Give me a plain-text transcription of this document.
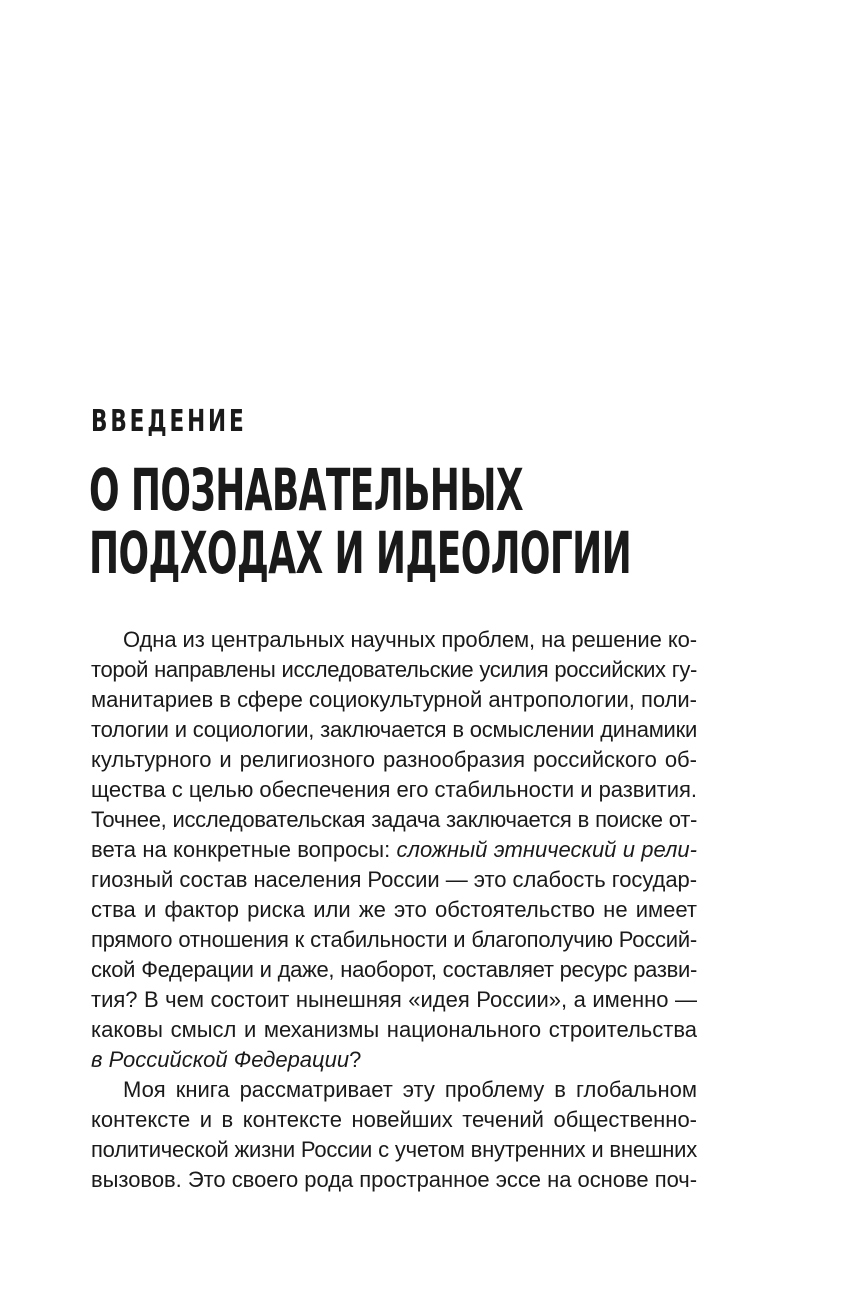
ВВЕДЕНИЕ
О ПОЗНАВАТЕЛЬНЫХ
ПОДХОДАХ И ИДЕОЛОГИИ
Одна из центральных научных проблем, на решение ко-
торой направлены исследовательские усилия российских гу-
манитариев в сфере социокультурной антропологии, поли-
тологии и социологии, заключается в осмыслении динамики
культурного и религиозного разнообразия российского об-
щества с целью обеспечения его стабильности и развития.
Точнее, исследовательская задача заключается в поиске от-
вета на конкретные вопросы: сложный этнический и рели-
гиозный состав населения России — это слабость государ-
ства и фактор риска или же это обстоятельство не имеет
прямого отношения к стабильности и благополучию Россий-
ской Федерации и даже, наоборот, составляет ресурс разви-
тия? В чем состоит нынешняя «идея России», а именно —
каковы смысл и механизмы национального строительства
в Российской Федерации?
Моя книга рассматривает эту проблему в глобальном
контексте и в контексте новейших течений общественно-
политической жизни России с учетом внутренних и внешних
вызовов. Это своего рода пространное эссе на основе поч-
